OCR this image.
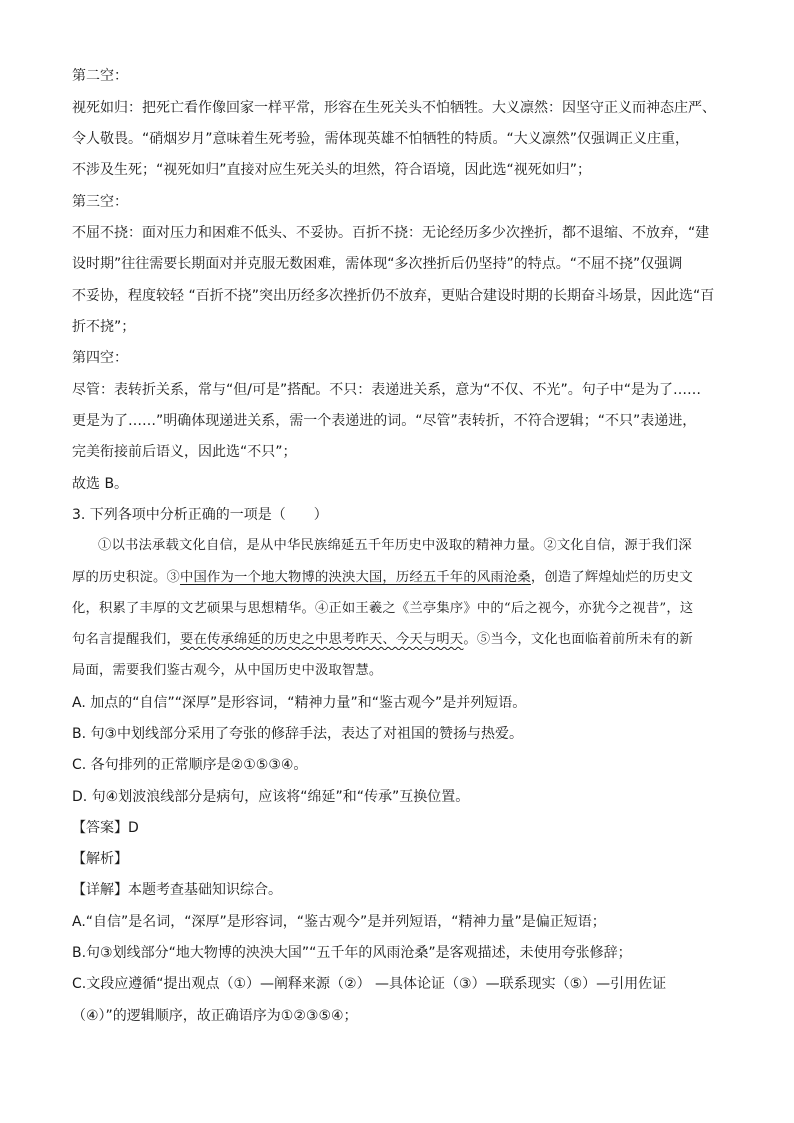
第二空：
视死如归：把死亡看作像回家一样平常，形容在生死关头不怕牺牲。大义凛然：因坚守正义而神态庄严、
令人敬畏。“硝烟岁月”意味着生死考验，需体现英雄不怕牺牲的特质。“大义凛然”仅强调正义庄重，
不涉及生死；“视死如归”直接对应生死关头的坦然，符合语境，因此选“视死如归”；
第三空：
不屈不挠：面对压力和困难不低头、不妥协。百折不挠：无论经历多少次挫折，都不退缩、不放弃，“建
设时期”往往需要长期面对并克服无数困难，需体现“多次挫折后仍坚持”的特点。“不屈不挠”仅强调
不妥协，程度较轻 “百折不挠”突出历经多次挫折仍不放弃，更贴合建设时期的长期奋斗场景，因此选“百
折不挠”；
第四空：
尽管：表转折关系，常与“但/可是”搭配。不只：表递进关系，意为“不仅、不光”。句子中“是为了……
更是为了……”明确体现递进关系，需一个表递进的词。“尽管”表转折，不符合逻辑；“不只”表递进，
完美衔接前后语义，因此选“不只”；
故选 B。
3. 下列各项中分析正确的一项是（　　）
①以书法承载文化自信，是从中华民族绵延五千年历史中汲取的精神力量。②文化自信，源于我们深
厚的历史积淀。③中国作为一个地大物博的泱泱大国，历经五千年的风雨沧桑，创造了辉煌灿烂的历史文
化，积累了丰厚的文艺硕果与思想精华。④正如王羲之《兰亭集序》中的“后之视今，亦犹今之视昔”，这
句名言提醒我们，要在传承绵延的历史之中思考昨天、今天与明天。⑤当今，文化也面临着前所未有的新
局面，需要我们鉴古观今，从中国历史中汲取智慧。
A. 加点的“自信”“深厚”是形容词，“精神力量”和“鉴古观今”是并列短语。
B. 句③中划线部分采用了夸张的修辞手法，表达了对祖国的赞扬与热爱。
C. 各句排列的正常顺序是②①⑤③④。
D. 句④划波浪线部分是病句，应该将“绵延”和“传承”互换位置。
【答案】D
【解析】
【详解】本题考查基础知识综合。
A.“自信”是名词，“深厚”是形容词，“鉴古观今”是并列短语，“精神力量”是偏正短语；
B.句③划线部分“地大物博的泱泱大国”“五千年的风雨沧桑”是客观描述，未使用夸张修辞；
C.文段应遵循“提出观点（①）—阐释来源（②） —具体论证（③）—联系现实（⑤）—引用佐证
（④）”的逻辑顺序，故正确语序为①②③⑤④；
